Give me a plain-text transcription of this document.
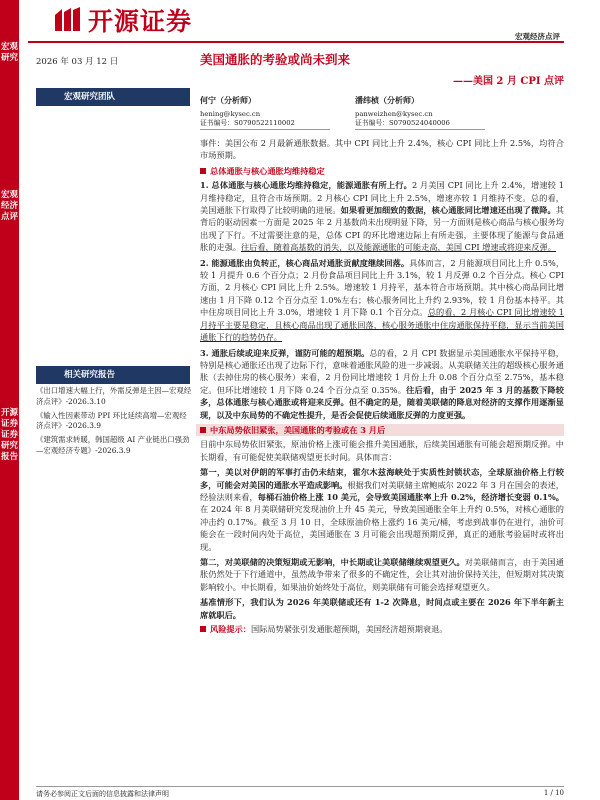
宏观研究
宏观经济点评
开源证券 证券研究报告
开源证券
宏观经济点评
2026 年 03 月 12 日
宏观研究团队
相关研究报告
《出口增速大幅上行，外需反弹是主因—宏观经济点评》-2026.3.10
《输入性因素带动 PPI 环比延续高增—宏观经济点评》-2026.3.9
《建筑需求转暖，韩国超级 AI 产业链出口强劲—宏观经济专题》-2026.3.9
美国通胀的考验或尚未到来
——美国 2 月 CPI 点评
何宁（分析师）
hening@kysec.cn
证书编号：S0790522110002
潘纬桢（分析师）
panweizhen@kysec.cn
证书编号：S0790524040006

事件：美国公布 2 月最新通胀数据。其中 CPI 同比上升 2.4%，核心 CPI 同比上升 2.5%，均符合市场预期。

总体通胀与核心通胀均维持稳定

1. 总体通胀与核心通胀均维持稳定，能源通胀有所上行。2 月美国 CPI 同比上升 2.4%，增速较 1 月维持稳定，且符合市场预期。2 月核心 CPI 同比上升 2.5%，增速亦较 1 月维持不变。总的看，美国通胀下行取得了比较明确的进展。如果看更加细致的数据，核心通胀同比增速还出现了微降。其背后的驱动因素一方面是 2025 年 2 月基数尚未出现明显下降，另一方面则是核心商品与核心服务均出现了下行。不过需要注意的是，总体 CPI 的环比增速边际上有所走强，主要体现了能源与食品通胀的走强。往后看，随着高基数的消失，以及能源通胀的可能走高，美国 CPI 增速或将迎来反弹。

2. 能源通胀由负转正，核心商品对通胀贡献度继续回落。具体而言，2 月能源项目同比上升 0.5%，较 1 月提升 0.6 个百分点；2 月份食品项目同比上升 3.1%，较 1 月反弹 0.2 个百分点。核心 CPI 方面，2 月核心 CPI 同比上升 2.5%。增速较 1 月持平，基本符合市场预期。其中核心商品同比增速由 1 月下降 0.12 个百分点至 1.0%左右；核心服务同比上升约 2.93%，较 1 月份基本持平。其中住房项目同比上升 3.0%，增速较 1 月下降 0.1 个百分点。总的看，2 月核心 CPI 同比增速较 1 月持平主要是稳定，且核心商品出现了通胀回落，核心服务通胀中住房通胀保持平稳，显示当前美国通胀下行的趋势仍存。

3. 通胀后续或迎来反弹，谨防可能的超预期。总的看，2 月 CPI 数据显示美国通胀水平保持平稳，特别是核心通胀还出现了边际下行，意味着通胀风险的进一步减弱。从美联储关注的超级核心服务通胀（去掉住房的核心服务）来看，2 月份同比增速较 1 月份上升 0.08 个百分点至 2.75%，基本稳定。但环比增速较 1 月下降 0.24 个百分点至 0.35%。往后看，由于 2025 年 3 月的基数下降较多，总体通胀与核心通胀或将迎来反弹。但不确定的是，随着美联储的降息对经济的支撑作用逐渐显现，以及中东局势的不确定性提升，是否会促使后续通胀反弹的力度更强。

中东局势依旧紧张，美国通胀的考验或在 3 月后

目前中东局势依旧紧张，原油价格上涨可能会推升美国通胀，后续美国通胀有可能会超预期反弹。中长期看，有可能促使美联储观望更长时间。具体而言：

第一，美以对伊朗的军事打击仍未结束，霍尔木兹海峡处于实质性封锁状态，全球原油价格上行较多，可能会对美国的通胀水平造成影响。根据我们对美联储主席鲍威尔 2022 年 3 月在国会的表述，经验法则来看，每桶石油价格上涨 10 美元，会导致美国通胀率上升 0.2%，经济增长变弱 0.1%。在 2024 年 8 月美联储研究发现油价上升 45 美元，导致美国通胀全年上升约 0.5%，对核心通胀的冲击约 0.17%。截至 3 月 10 日，全球原油价格上涨约 16 美元/桶，考虑到战事仍在进行，油价可能会在一段时间内处于高位，美国通胀在 3 月可能会出现超预期反弹，真正的通胀考验届时或将出现。

第二，对美联储的决策短期或无影响，中长期或让美联储继续观望更久。对美联储而言，由于美国通胀仍然处于下行通道中，虽然战争带来了很多的不确定性，会让其对油价保持关注，但短期对其决策影响较小。中长期看，如果油价始终处于高位，则美联储有可能会选择观望更久。

基准情形下，我们认为 2026 年美联储或还有 1-2 次降息，时间点或主要在 2026 年下半年新主席就职后。

风险提示：国际局势紧张引发通胀超预期，美国经济超预期衰退。

请务必参阅正文后面的信息披露和法律声明	1 / 10
